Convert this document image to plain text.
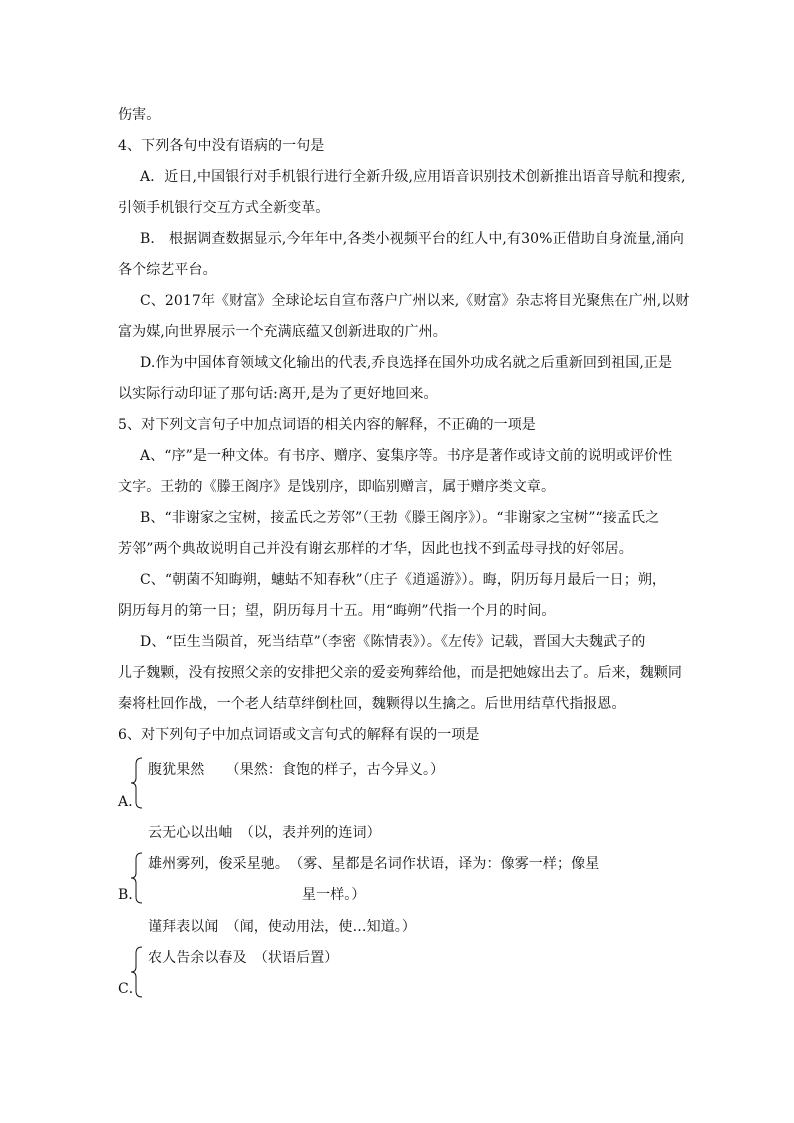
伤害。
4、下列各句中没有语病的一句是
A．近日,中国银行对手机银行进行全新升级,应用语音识别技术创新推出语音导航和搜索,
引领手机银行交互方式全新变革。
B． 根据调查数据显示,今年年中,各类小视频平台的红人中,有30%正借助自身流量,涌向
各个综艺平台。
C、2017年《财富》全球论坛自宣布落户广州以来,《财富》杂志将目光聚焦在广州,以财
富为媒,向世界展示一个充满底蕴又创新进取的广州。
D.作为中国体育领域文化输出的代表,乔良选择在国外功成名就之后重新回到祖国,正是
以实际行动印证了那句话:离开,是为了更好地回来。
5、对下列文言句子中加点词语的相关内容的解释，不正确的一项是
A、“序”是一种文体。有书序、赠序、宴集序等。书序是著作或诗文前的说明或评价性
文字。王勃的《滕王阁序》是饯别序，即临别赠言，属于赠序类文章。
B、“非谢家之宝树，接孟氏之芳邻”（王勃《滕王阁序》）。“非谢家之宝树”“接孟氏之
芳邻”两个典故说明自己并没有谢玄那样的才华，因此也找不到孟母寻找的好邻居。
C、“朝菌不知晦朔，蟪蛄不知春秋”（庄子《逍遥游》）。晦，阴历每月最后一日；朔，
阴历每月的第一日；望，阴历每月十五。用“晦朔”代指一个月的时间。
D、“臣生当陨首，死当结草”（李密《陈情表》）。《左传》记载，晋国大夫魏武子的
儿子魏颗，没有按照父亲的安排把父亲的爱妾殉葬给他，而是把她嫁出去了。后来，魏颗同
秦将杜回作战，一个老人结草绊倒杜回，魏颗得以生擒之。后世用结草代指报恩。
6、对下列句子中加点词语或文言句式的解释有误的一项是
腹犹果然　　（果然：食饱的样子，古今异义。）
A．
云无心以出岫　（以，表并列的连词）
雄州雾列，俊采星驰。　（雾、星都是名词作状语，译为：像雾一样；像星
星一样。）
B．
谨拜表以闻　（闻，使动用法，使…知道。）
农人告余以春及　（状语后置）
C．
